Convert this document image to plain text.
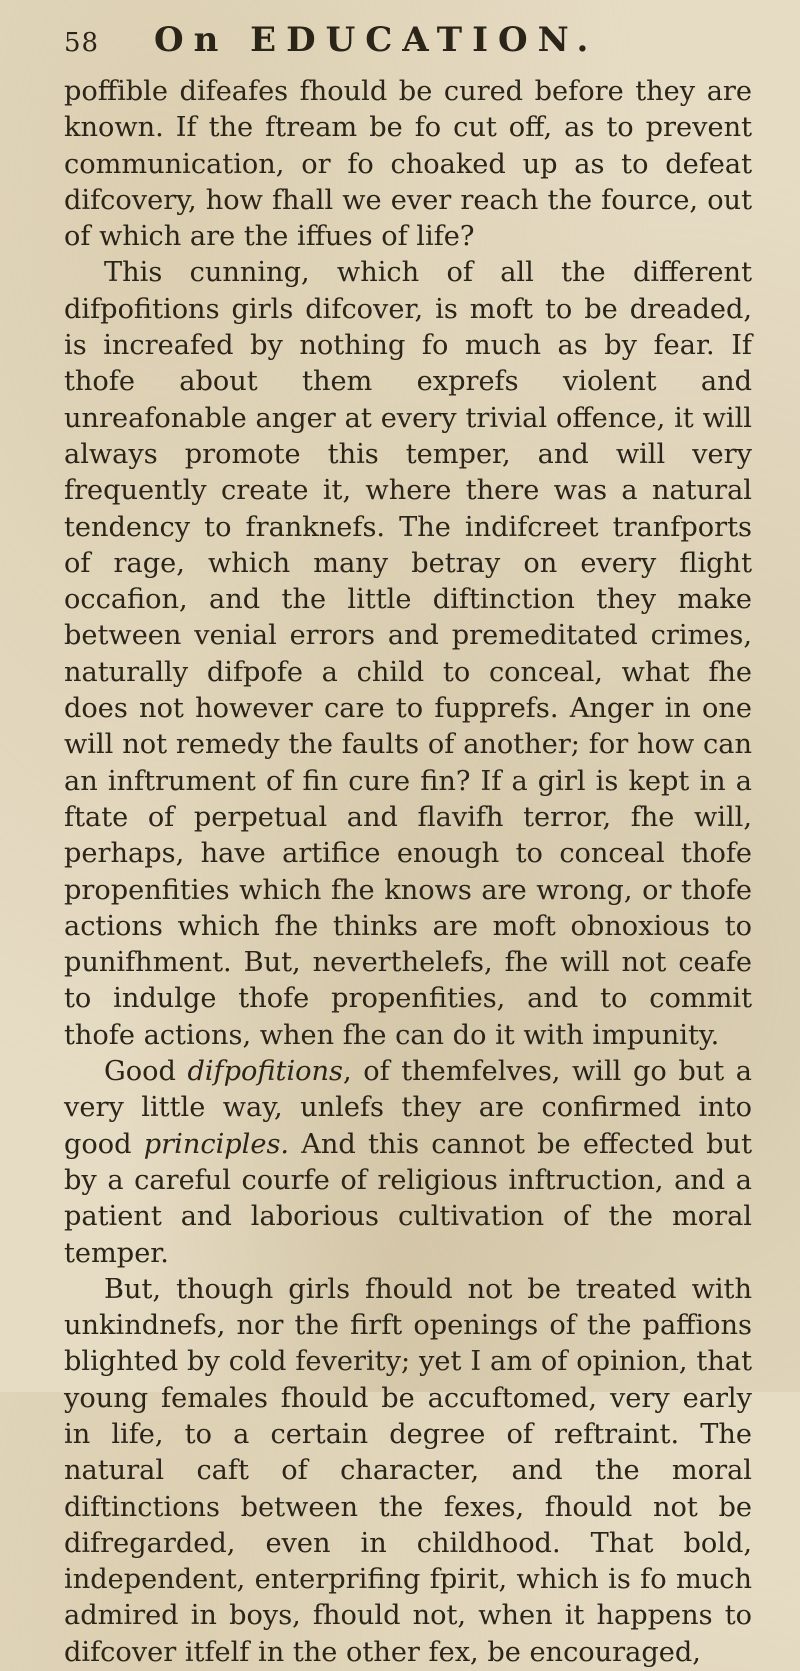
58	On EDUCATION.

poffible difeafes fhould be cured before they are known. If the ftream be fo cut off, as to prevent communication, or fo choaked up as to defeat difcovery, how fhall we ever reach the fource, out of which are the iffues of life?

This cunning, which of all the different difpofitions girls difcover, is moft to be dreaded, is increafed by nothing fo much as by fear. If thofe about them exprefs violent and unreafonable anger at every trivial offence, it will always promote this temper, and will very frequently create it, where there was a natural tendency to franknefs. The indifcreet tranfports of rage, which many betray on every flight occafion, and the little diftinction they make between venial errors and premeditated crimes, naturally difpofe a child to conceal, what fhe does not however care to fupprefs. Anger in one will not remedy the faults of another; for how can an inftrument of fin cure fin? If a girl is kept in a ftate of perpetual and flavifh terror, fhe will, perhaps, have artifice enough to conceal thofe propenfities which fhe knows are wrong, or thofe actions which fhe thinks are moft obnoxious to punifhment. But, neverthelefs, fhe will not ceafe to indulge thofe propenfities, and to commit thofe actions, when fhe can do it with impunity.

Good difpofitions, of themfelves, will go but a very little way, unlefs they are confirmed into good principles. And this cannot be effected but by a careful courfe of religious inftruction, and a patient and laborious cultivation of the moral temper.

But, though girls fhould not be treated with unkindnefs, nor the firft openings of the paffions blighted by cold feverity; yet I am of opinion, that young females fhould be accuftomed, very early in life, to a certain degree of reftraint. The natural caft of character, and the moral diftinctions between the fexes, fhould not be difregarded, even in childhood. That bold, independent, enterprifing fpirit, which is fo much admired in boys, fhould not, when it happens to difcover itfelf in the other fex, be encouraged,
